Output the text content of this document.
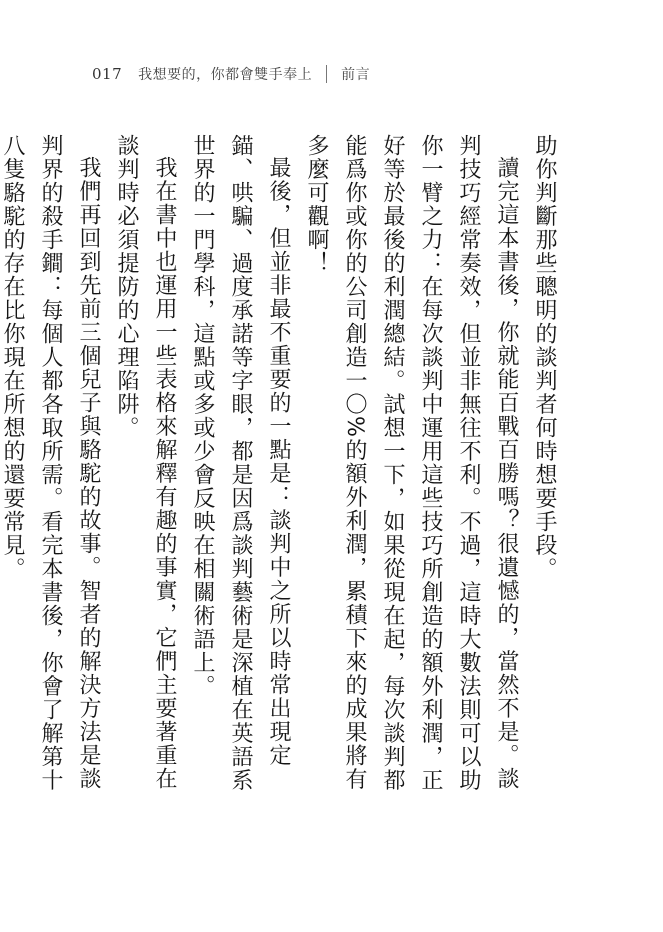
017 我想要的，你都會雙手奉上 前言

助你判斷那些聰明的談判者何時想要手段。

讀完這本書後，你就能百戰百勝嗎？很遺憾的，當然不是。談判技巧經常奏效，但並非無往不利。不過，這時大數法則可以助你一臂之力：在每次談判中運用這些技巧所創造的額外利潤，正好等於最後的利潤總結。試想一下，如果從現在起，每次談判都能爲你或你的公司創造一〇%的額外利潤，累積下來的成果將有多麼可觀啊！

最後，但並非最不重要的一點是：談判中之所以時常出現定錨、哄騙、過度承諾等字眼，都是因爲談判藝術是深植在英語系世界的一門學科，這點或多或少會反映在相關術語上。

我在書中也運用一些表格來解釋有趣的事實，它們主要著重在談判時必須提防的心理陷阱。

我們再回到先前三個兒子與駱駝的故事。智者的解決方法是談判界的殺手鐧：每個人都各取所需。看完本書後，你會了解第十八隻駱駝的存在比你現在所想的還要常見。
